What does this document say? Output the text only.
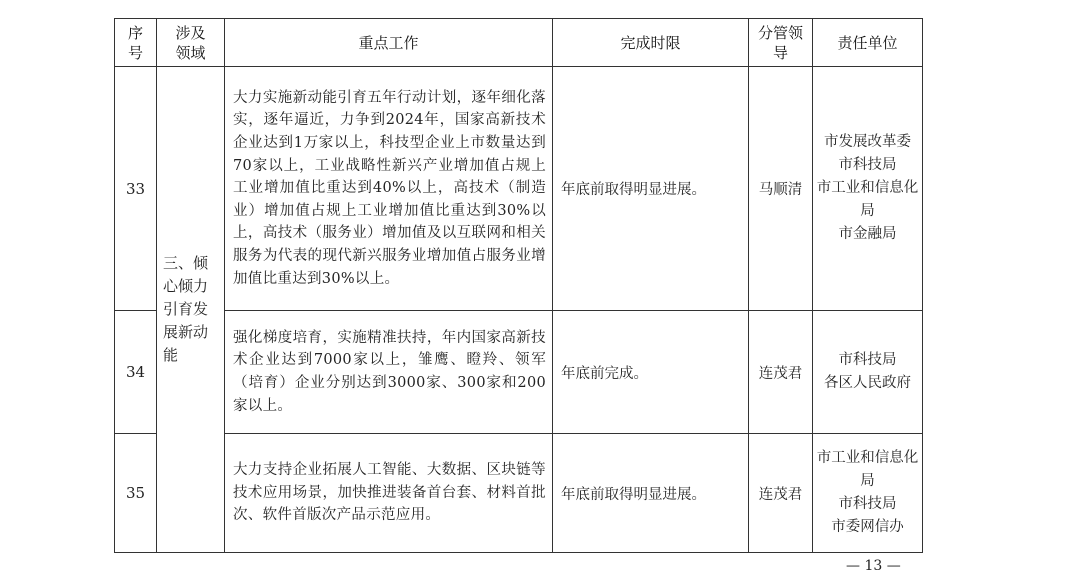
序号	涉及领域	重点工作	完成时限	分管领导	责任单位
33	三、倾心倾力引育发展新动能	大力实施新动能引育五年行动计划，逐年细化落实，逐年逼近，力争到2024年，国家高新技术企业达到1万家以上，科技型企业上市数量达到70家以上，工业战略性新兴产业增加值占规上工业增加值比重达到40%以上，高技术（制造业）增加值占规上工业增加值比重达到30%以上，高技术（服务业）增加值及以互联网和相关服务为代表的现代新兴服务业增加值占服务业增加值比重达到30%以上。	年底前取得明显进展。	马顺清	市发展改革委
市科技局
市工业和信息化局
市金融局

34		强化梯度培育，实施精准扶持，年内国家高新技术企业达到7000家以上，雏鹰、瞪羚、领军（培育）企业分别达到3000家、300家和200家以上。	年底前完成。	连茂君	市科技局
各区人民政府

35		大力支持企业拓展人工智能、大数据、区块链等技术应用场景，加快推进装备首台套、材料首批次、软件首版次产品示范应用。	年底前取得明显进展。	连茂君	市工业和信息化局
市科技局
市委网信办
— 13 —
